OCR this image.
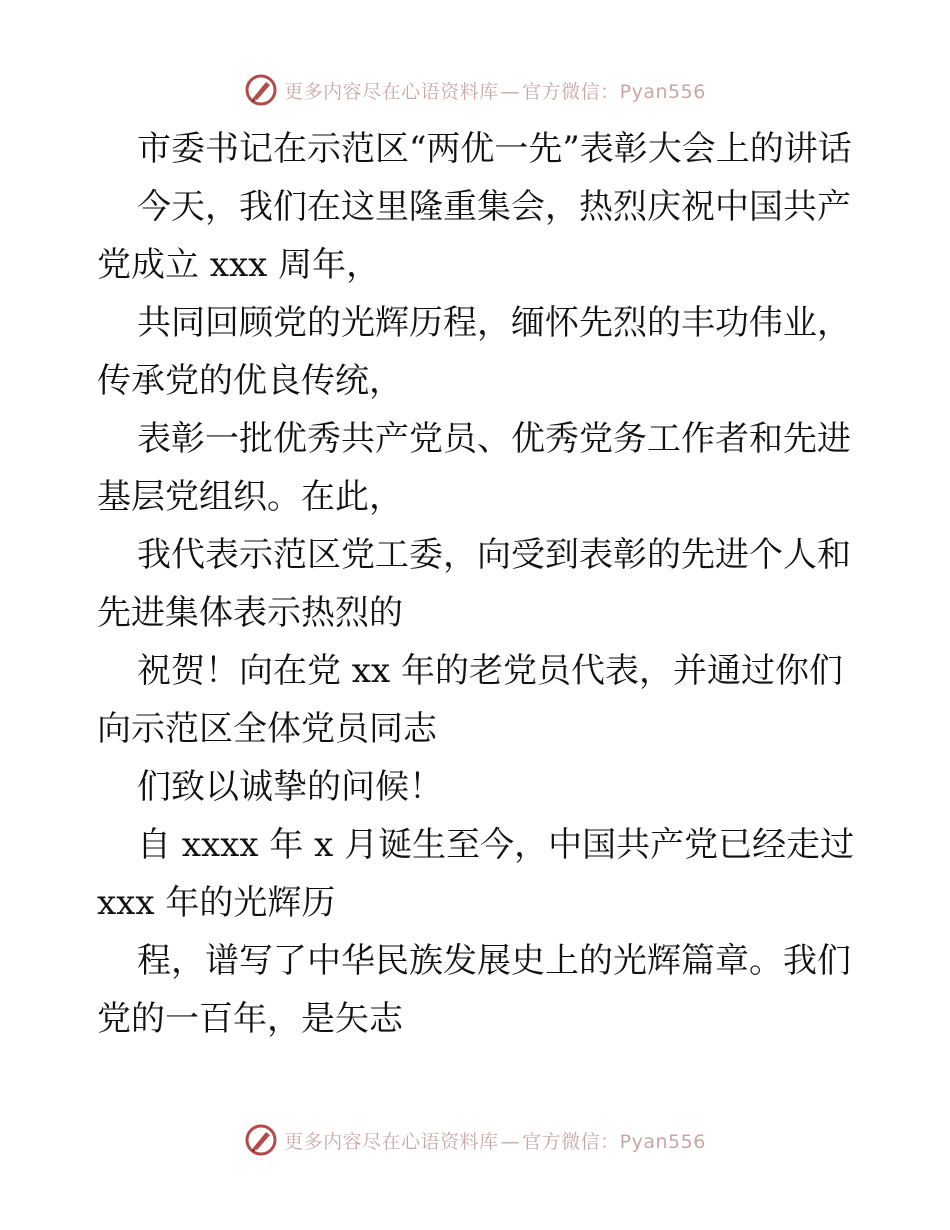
更多内容尽在心语资料库 — 官方微信：Pyan556

市委书记在示范区“两优一先”表彰大会上的讲话

今天，我们在这里隆重集会，热烈庆祝中国共产党成立 xxx 周年，

共同回顾党的光辉历程，缅怀先烈的丰功伟业，传承党的优良传统，

表彰一批优秀共产党员、优秀党务工作者和先进基层党组织。在此，

我代表示范区党工委，向受到表彰的先进个人和先进集体表示热烈的

祝贺！向在党 xx 年的老党员代表，并通过你们向示范区全体党员同志

们致以诚挚的问候！

自 xxxx 年 x 月诞生至今，中国共产党已经走过 xxx 年的光辉历

程，谱写了中华民族发展史上的光辉篇章。我们党的一百年，是矢志

更多内容尽在心语资料库 — 官方微信：Pyan556
